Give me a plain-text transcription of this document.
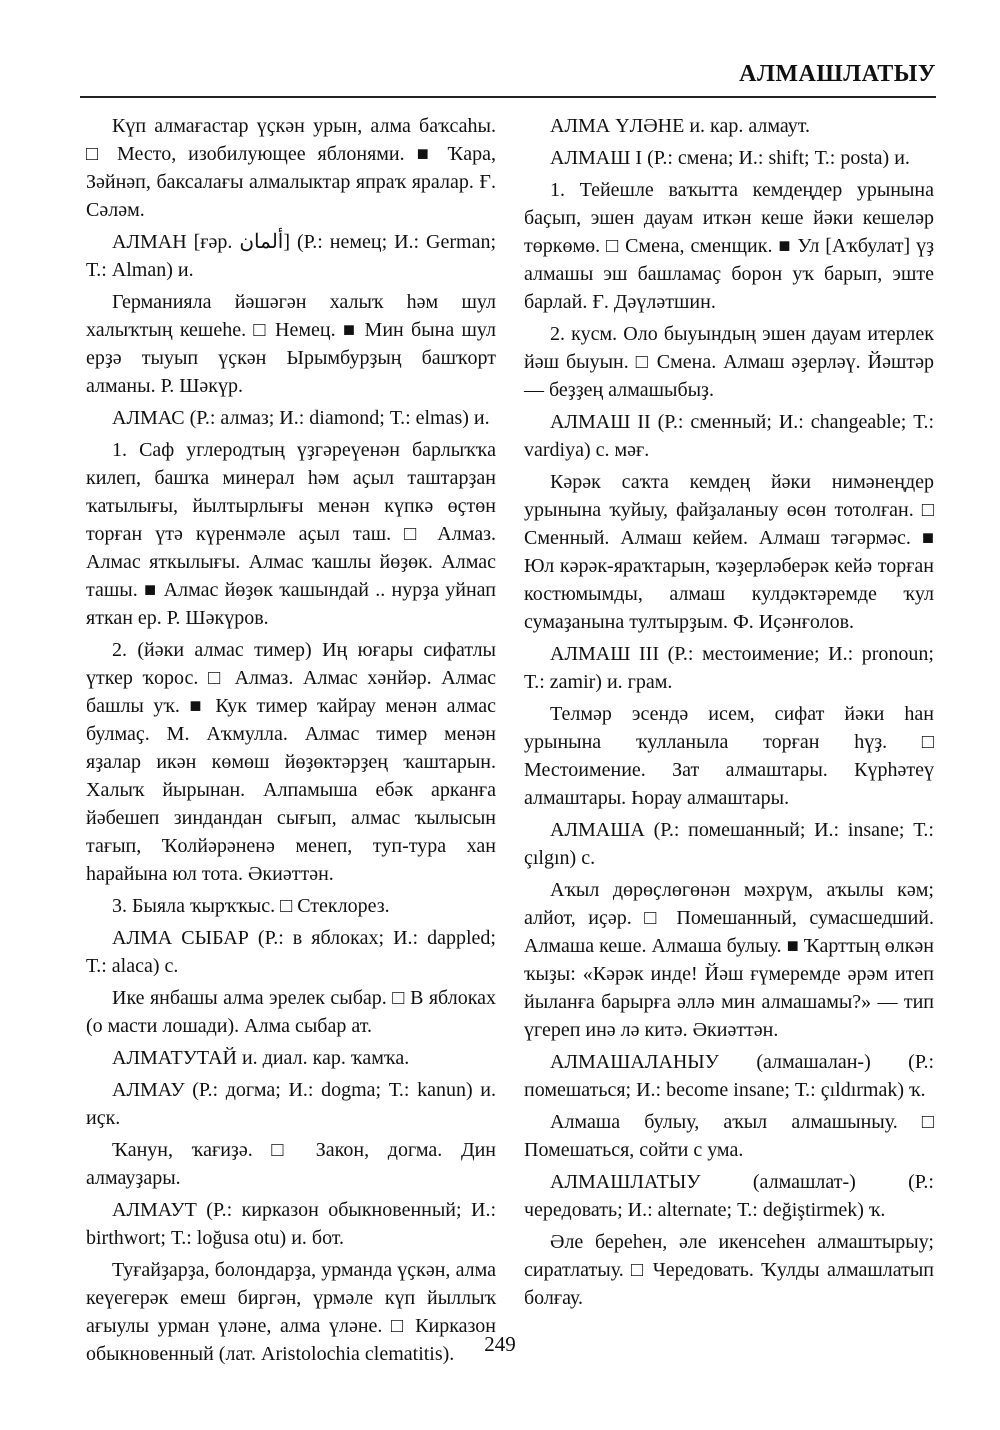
АЛМАШЛАТЫУ

Күп алмағастар үҫкән урын, алма баҡсаһы. □ Место, изобилующее яблонями. ■ Ҡара, Зәйнәп, баксалағы алмалыктар япраҡ яралар. Ғ. Сәләм.

АЛМАН [ғәр. ألمان] (Р.: немец; И.: German; Т.: Alman) и.

Германияла йәшәгән халыҡ һәм шул халыҡтың кешеһе. □ Немец. ■ Мин бына шул ерҙә тыуып үҫкән Ырымбурҙың башҡорт алманы. Р. Шәкүр.

АЛМАС (Р.: алмаз; И.: diamond; Т.: elmas) и.

1. Саф углеродтың үҙгәреүенән барлыҡҡа килеп, башҡа минерал һәм аҫыл таштарҙан ҡатылығы, йылтырлығы менән күпкә өҫтөн торған үтә күренмәле аҫыл таш. □ Алмаз. Алмас яткылығы. Алмас ҡашлы йөҙөк. Алмас ташы. ■ Алмас йөҙөк ҡашындай .. нурҙа уйнап яткан ер. Р. Шәкүров.

2. (йәки алмас тимер) Иң юғары сифатлы үткер ҡорос. □ Алмаз. Алмас хәнйәр. Алмас башлы уҡ. ■ Кук тимер ҡайрау менән алмас булмаҫ. М. Аҡмулла. Алмас тимер менән яҙалар икән көмөш йөҙөктәрҙең ҡаштарын. Халыҡ йырынан. Алпамыша ебәк арканға йәбешеп зиндандан сығып, алмас ҡылысын тағып, Ҡолйәрәненә менеп, туп-тура хан һарайына юл тота. Әкиәттән.

3. Быяла ҡырҡҡыс. □ Стеклорез.

АЛМА СЫБАР (Р.: в яблоках; И.: dappled; Т.: alaca) с.

Ике янбашы алма эрелек сыбар. □ В яблоках (о масти лошади). Алма сыбар ат.

АЛМАТУТАЙ и. диал. кар. ҡамҡа.

АЛМАУ (Р.: догма; И.: dogma; Т.: kanun) и. иҫк.

Ҡанун, ҡағиҙә. □ Закон, догма. Дин алмауҙары.

АЛМАУТ (Р.: кирказон обыкновенный; И.: birthwort; Т.: loğusa otu) и. бот.

Туғайҙарҙа, болондарҙа, урманда үҫкән, алма кеүегерәк емеш биргән, үрмәле күп йыллыҡ ағыулы урман үләне, алма үләне. □ Кирказон обыкновенный (лат. Aristolochia clematitis).

АЛМА ҮЛӘНЕ и. кар. алмаут.

АЛМАШ I (Р.: смена; И.: shift; Т.: posta) и.

1. Тейешле ваҡытта кемдеңдер урынына баҫып, эшен дауам иткән кеше йәки кешеләр төркөмө. □ Смена, сменщик. ■ Ул [Аҡбулат] үҙ алмашы эш башламаҫ борон уҡ барып, эште барлай. Ғ. Дәүләтшин.

2. кусм. Оло быуындың эшен дауам итерлек йәш быуын. □ Смена. Алмаш әҙерләү. Йәштәр — беҙҙең алмашыбыҙ.

АЛМАШ II (Р.: сменный; И.: changeable; Т.: vardiya) с. мәғ.

Кәрәк саҡта кемдең йәки нимәнеңдер урынына ҡуйыу, файҙаланыу өсөн тотолған. □ Сменный. Алмаш кейем. Алмаш тәгәрмәс. ■ Юл кәрәк-яраҡтарын, ҡәҙерләберәк кейә торған костюмымды, алмаш кулдәктәремде ҡул сумаҙанына тултырҙым. Ф. Иҫәнғолов.

АЛМАШ III (Р.: местоимение; И.: pronoun; Т.: zamir) и. грам.

Телмәр эсендә исем, сифат йәки һан урынына ҡулланыла торған һүҙ. □ Местоимение. Зат алмаштары. Күрһәтеү алмаштары. Һорау алмаштары.

АЛМАША (Р.: помешанный; И.: insane; Т.: çılgın) с.

Аҡыл дөрөҫлөгөнән мәхрүм, аҡылы кәм; алйот, иҫәр. □ Помешанный, сумасшедший. Алмаша кеше. Алмаша булыу. ■ Ҡарттың өлкән ҡыҙы: «Кәрәк инде! Йәш ғүмеремде әрәм итеп йыланға барырға әллә мин алмашамы?» — тип үгереп инә лә китә. Әкиәттән.

АЛМАШАЛАНЫУ (алмашалан-) (Р.: помешаться; И.: become insane; Т.: çıldırmak) ҡ.

Алмаша булыу, аҡыл алмашыныу. □ Помешаться, сойти с ума.

АЛМАШЛАТЫУ (алмашлат-) (Р.: чередовать; И.: alternate; Т.: değiştirmek) ҡ.

Әле береһен, әле икенсеһен алмаштырыу; сиратлатыу. □ Чередовать. Ҡулды алмашлатып болғау.

249
